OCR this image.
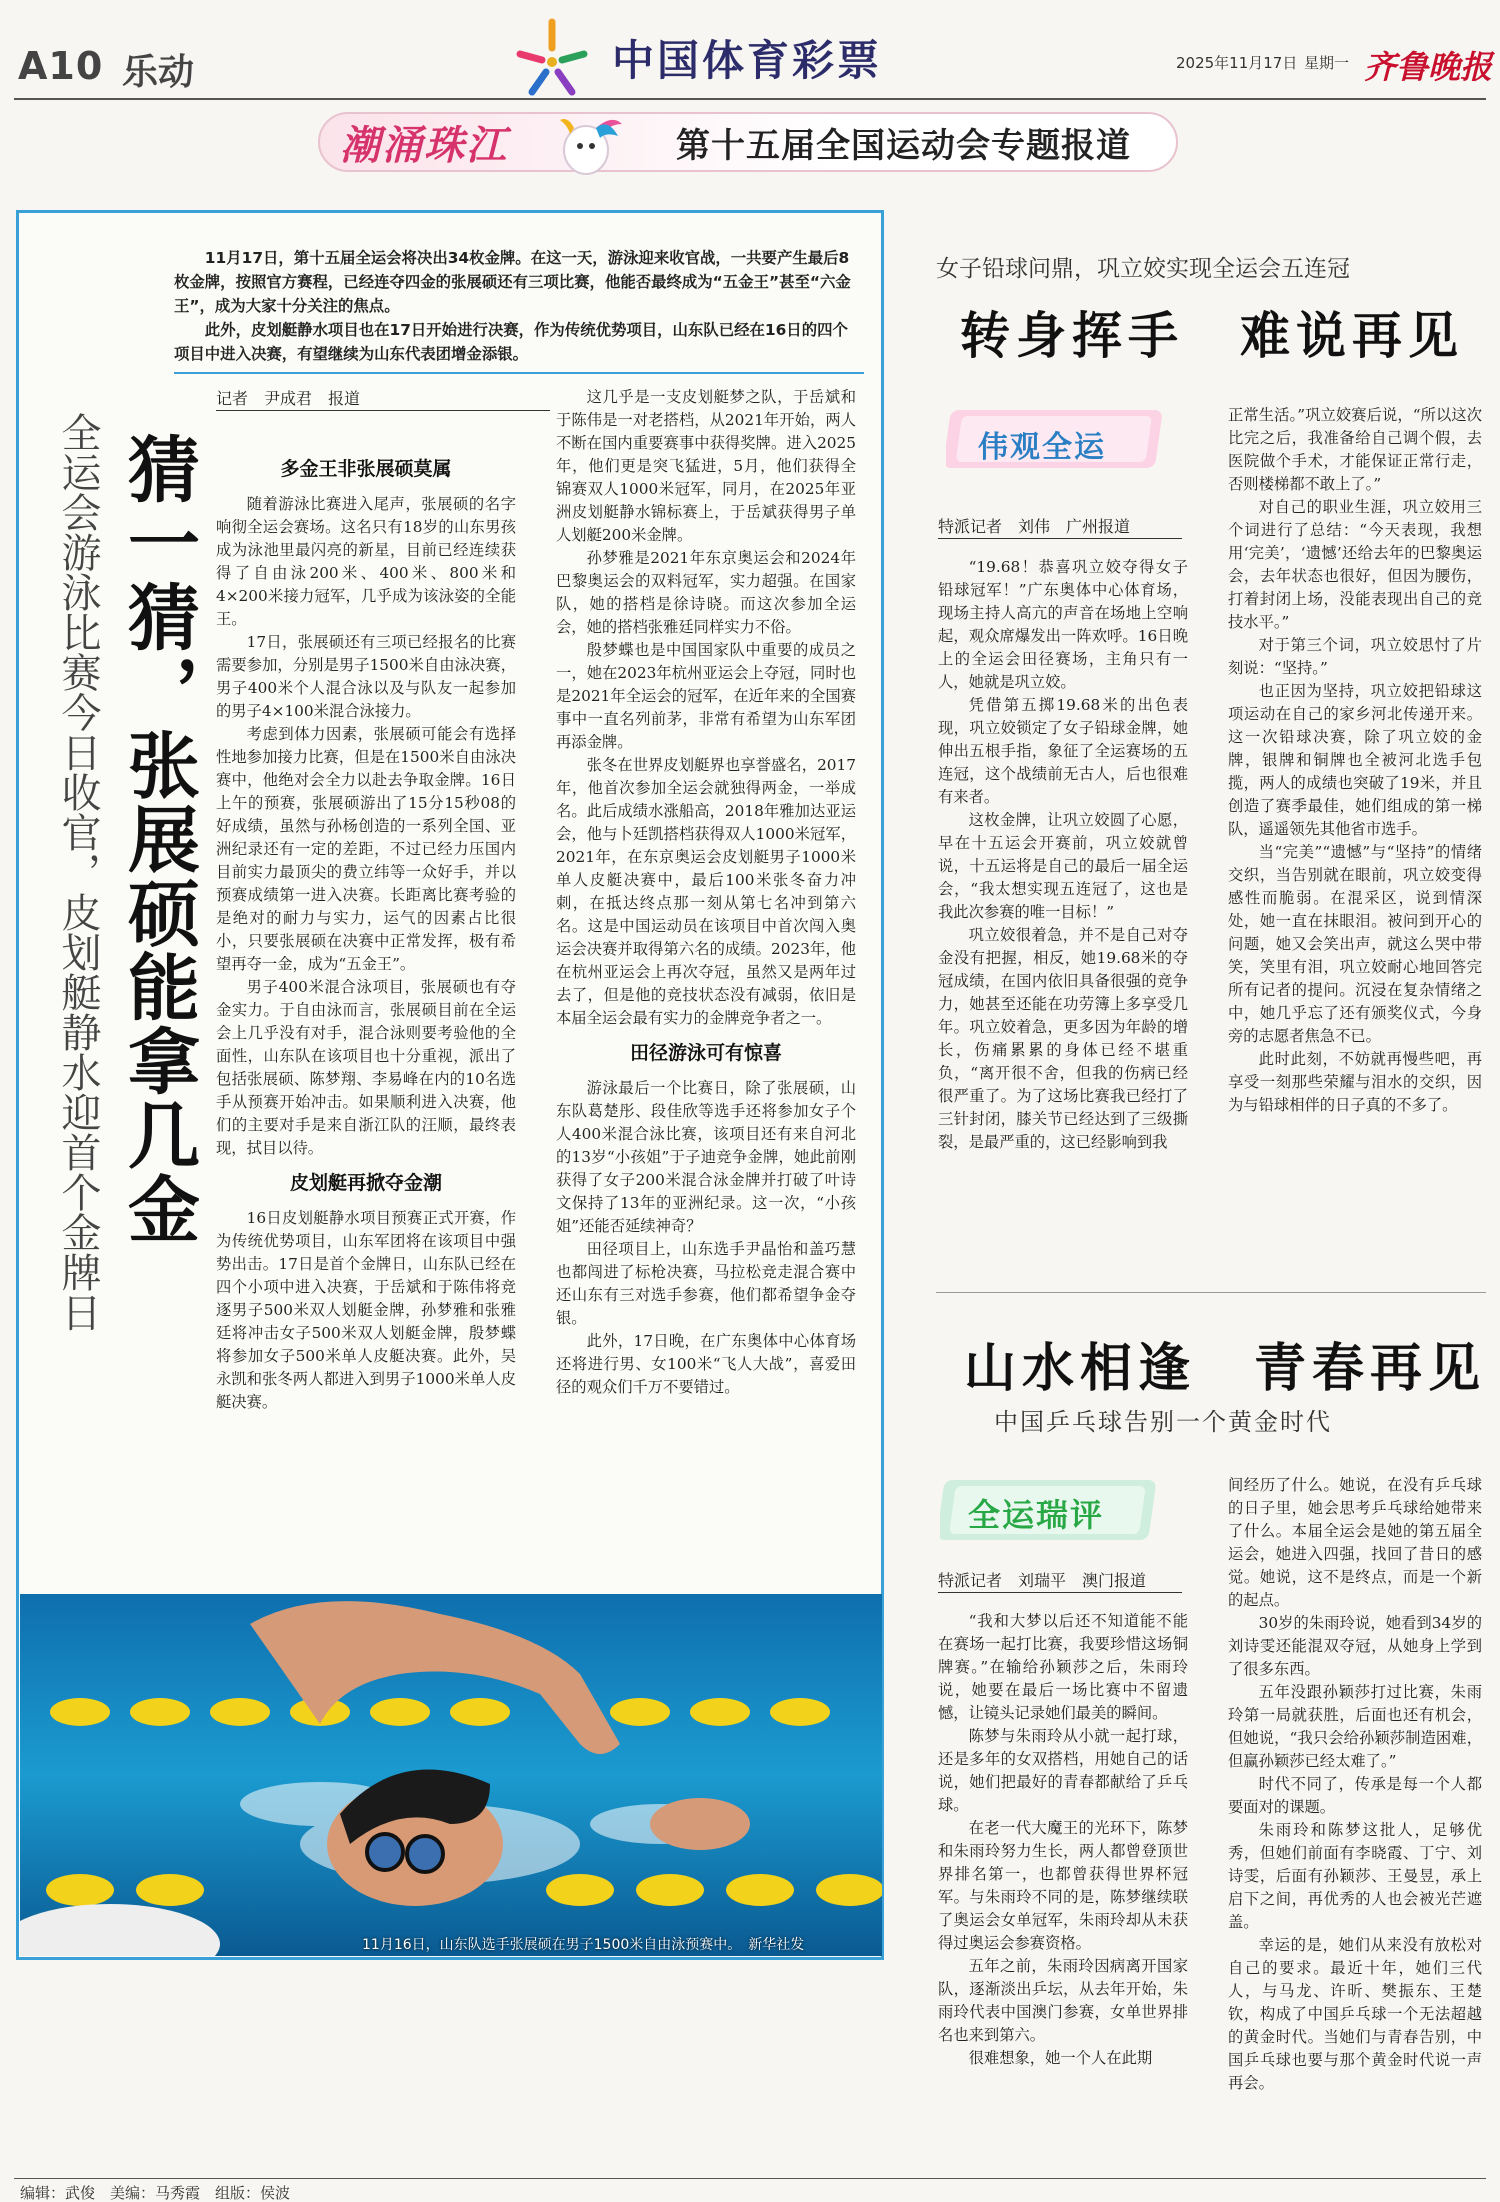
A10 乐动	中国体育彩票	2025年11月17日 星期一 齐鲁晚报
潮涌珠江	第十五届全国运动会专题报道

11月17日，第十五届全运会将决出34枚金牌。在这一天，游泳迎来收官战，一共要产生最后8枚金牌，按照官方赛程，已经连夺四金的张展硕还有三项比赛，他能否最终成为“五金王”甚至“六金王”，成为大家十分关注的焦点。

此外，皮划艇静水项目也在17日开始进行决赛，作为传统优势项目，山东队已经在16日的四个项目中进入决赛，有望继续为山东代表团增金添银。

记者　尹成君　报道
全运会游泳比赛今日收官，皮划艇静水迎首个金牌日 猜一猜，张展硕能拿几金	多金王非张展硕莫属

随着游泳比赛进入尾声，张展硕的名字响彻全运会赛场。这名只有18岁的山东男孩成为泳池里最闪亮的新星，目前已经连续获得了自由泳200米、400米、800米和4×200米接力冠军，几乎成为该泳姿的全能王。

17日，张展硕还有三项已经报名的比赛需要参加，分别是男子1500米自由泳决赛，男子400米个人混合泳以及与队友一起参加的男子4×100米混合泳接力。

考虑到体力因素，张展硕可能会有选择性地参加接力比赛，但是在1500米自由泳决赛中，他绝对会全力以赴去争取金牌。16日上午的预赛，张展硕游出了15分15秒08的好成绩，虽然与孙杨创造的一系列全国、亚洲纪录还有一定的差距，不过已经力压国内目前实力最顶尖的费立纬等一众好手，并以预赛成绩第一进入决赛。长距离比赛考验的是绝对的耐力与实力，运气的因素占比很小，只要张展硕在决赛中正常发挥，极有希望再夺一金，成为“五金王”。

男子400米混合泳项目，张展硕也有夺金实力。于自由泳而言，张展硕目前在全运会上几乎没有对手，混合泳则要考验他的全面性，山东队在该项目也十分重视，派出了包括张展硕、陈梦翔、李易峰在内的10名选手从预赛开始冲击。如果顺利进入决赛，他们的主要对手是来自浙江队的汪顺，最终表现，拭目以待。

皮划艇再掀夺金潮

16日皮划艇静水项目预赛正式开赛，作为传统优势项目，山东军团将在该项目中强势出击。17日是首个金牌日，山东队已经在四个小项中进入决赛，于岳斌和于陈伟将竞逐男子500米双人划艇金牌，孙梦雅和张雅廷将冲击女子500米双人划艇金牌，殷梦蝶将参加女子500米单人皮艇决赛。此外，吴永凯和张冬两人都进入到男子1000米单人皮艇决赛。

这几乎是一支皮划艇梦之队，于岳斌和于陈伟是一对老搭档，从2021年开始，两人不断在国内重要赛事中获得奖牌。进入2025年，他们更是突飞猛进，5月，他们获得全锦赛双人1000米冠军，同月，在2025年亚洲皮划艇静水锦标赛上，于岳斌获得男子单人划艇200米金牌。

孙梦雅是2021年东京奥运会和2024年巴黎奥运会的双料冠军，实力超强。在国家队，她的搭档是徐诗晓。而这次参加全运会，她的搭档张雅廷同样实力不俗。

殷梦蝶也是中国国家队中重要的成员之一，她在2023年杭州亚运会上夺冠，同时也是2021年全运会的冠军，在近年来的全国赛事中一直名列前茅，非常有希望为山东军团再添金牌。

张冬在世界皮划艇界也享誉盛名，2017年，他首次参加全运会就独得两金，一举成名。此后成绩水涨船高，2018年雅加达亚运会，他与卜廷凯搭档获得双人1000米冠军，2021年，在东京奥运会皮划艇男子1000米单人皮艇决赛中，最后100米张冬奋力冲刺，在抵达终点那一刻从第七名冲到第六名。这是中国运动员在该项目中首次闯入奥运会决赛并取得第六名的成绩。2023年，他在杭州亚运会上再次夺冠，虽然又是两年过去了，但是他的竞技状态没有减弱，依旧是本届全运会最有实力的金牌竞争者之一。

田径游泳可有惊喜

游泳最后一个比赛日，除了张展硕，山东队葛楚彤、段佳欣等选手还将参加女子个人400米混合泳比赛，该项目还有来自河北的13岁“小孩姐”于子迪竞争金牌，她此前刚获得了女子200米混合泳金牌并打破了叶诗文保持了13年的亚洲纪录。这一次，“小孩姐”还能否延续神奇？

田径项目上，山东选手尹晶怡和盖巧慧也都闯进了标枪决赛，马拉松竞走混合赛中还山东有三对选手参赛，他们都希望争金夺银。

此外，17日晚，在广东奥体中心体育场还将进行男、女100米“飞人大战”，喜爱田径的观众们千万不要错过。

11月16日，山东队选手张展硕在男子1500米自由泳预赛中。　新华社发
女子铅球问鼎，巩立姣实现全运会五连冠
转身挥手　难说再见
伟观全运
特派记者　刘伟　广州报道

“19.68！恭喜巩立姣夺得女子铅球冠军！”广东奥体中心体育场，现场主持人高亢的声音在场地上空响起，观众席爆发出一阵欢呼。16日晚上的全运会田径赛场，主角只有一人，她就是巩立姣。

凭借第五掷19.68米的出色表现，巩立姣锁定了女子铅球金牌，她伸出五根手指，象征了全运赛场的五连冠，这个战绩前无古人，后也很难有来者。

这枚金牌，让巩立姣圆了心愿，早在十五运会开赛前，巩立姣就曾说，十五运将是自己的最后一届全运会，“我太想实现五连冠了，这也是我此次参赛的唯一目标！”

巩立姣很着急，并不是自己对夺金没有把握，相反，她19.68米的夺冠成绩，在国内依旧具备很强的竞争力，她甚至还能在功劳簿上多享受几年。巩立姣着急，更多因为年龄的增长，伤痛累累的身体已经不堪重负，“离开很不舍，但我的伤病已经很严重了。为了这场比赛我已经打了三针封闭，膝关节已经达到了三级撕裂，是最严重的，这已经影响到我

正常生活。”巩立姣赛后说，“所以这次比完之后，我准备给自己调个假，去医院做个手术，才能保证正常行走，否则楼梯都不敢上了。”

对自己的职业生涯，巩立姣用三个词进行了总结：“今天表现，我想用‘完美’，‘遗憾’还给去年的巴黎奥运会，去年状态也很好，但因为腰伤，打着封闭上场，没能表现出自己的竞技水平。”

对于第三个词，巩立姣思忖了片刻说：“坚持。”

也正因为坚持，巩立姣把铅球这项运动在自己的家乡河北传递开来。这一次铅球决赛，除了巩立姣的金牌，银牌和铜牌也全被河北选手包揽，两人的成绩也突破了19米，并且创造了赛季最佳，她们组成的第一梯队，遥遥领先其他省市选手。

当“完美”“遗憾”与“坚持”的情绪交织，当告别就在眼前，巩立姣变得感性而脆弱。在混采区，说到情深处，她一直在抹眼泪。被问到开心的问题，她又会笑出声，就这么哭中带笑，笑里有泪，巩立姣耐心地回答完所有记者的提问。沉浸在复杂情绪之中，她几乎忘了还有颁奖仪式，今身旁的志愿者焦急不已。

此时此刻，不妨就再慢些吧，再享受一刻那些荣耀与泪水的交织，因为与铅球相伴的日子真的不多了。

山水相逢　青春再见
中国乒乓球告别一个黄金时代
全运瑞评
特派记者　刘瑞平　澳门报道

“我和大梦以后还不知道能不能在赛场一起打比赛，我要珍惜这场铜牌赛。”在输给孙颖莎之后，朱雨玲说，她要在最后一场比赛中不留遗憾，让镜头记录她们最美的瞬间。

陈梦与朱雨玲从小就一起打球，还是多年的女双搭档，用她自己的话说，她们把最好的青春都献给了乒乓球。

在老一代大魔王的光环下，陈梦和朱雨玲努力生长，两人都曾登顶世界排名第一，也都曾获得世界杯冠军。与朱雨玲不同的是，陈梦继续联了奥运会女单冠军，朱雨玲却从未获得过奥运会参赛资格。

五年之前，朱雨玲因病离开国家队，逐渐淡出乒坛，从去年开始，朱雨玲代表中国澳门参赛，女单世界排名也来到第六。

很难想象，她一个人在此期

间经历了什么。她说，在没有乒乓球的日子里，她会思考乒乓球给她带来了什么。本届全运会是她的第五届全运会，她进入四强，找回了昔日的感觉。她说，这不是终点，而是一个新的起点。

30岁的朱雨玲说，她看到34岁的刘诗雯还能混双夺冠，从她身上学到了很多东西。

五年没跟孙颖莎打过比赛，朱雨玲第一局就获胜，后面也还有机会，但她说，“我只会给孙颖莎制造困难，但赢孙颖莎已经太难了。”

时代不同了，传承是每一个人都要面对的课题。

朱雨玲和陈梦这批人，足够优秀，但她们前面有李晓霞、丁宁、刘诗雯，后面有孙颖莎、王曼昱，承上启下之间，再优秀的人也会被光芒遮盖。

幸运的是，她们从来没有放松对自己的要求。最近十年，她们三代人，与马龙、许昕、樊振东、王楚钦，构成了中国乒乓球一个无法超越的黄金时代。当她们与青春告别，中国乒乓球也要与那个黄金时代说一声再会。

编辑：武俊　美编：马秀霞　组版：侯波
